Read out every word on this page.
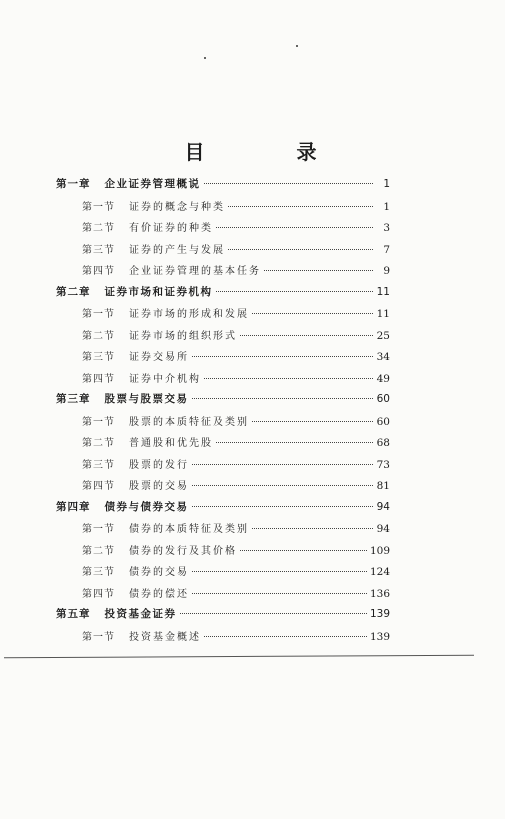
目　录
第一章 企业证券管理概说	1
第一节 证券的概念与种类	1
第二节 有价证券的种类	3
第三节 证券的产生与发展	7
第四节 企业证券管理的基本任务	9
第二章 证券市场和证券机构	11
第一节 证券市场的形成和发展	11
第二节 证券市场的组织形式	25
第三节 证券交易所	34
第四节 证券中介机构	49
第三章 股票与股票交易	60
第一节 股票的本质特征及类别	60
第二节 普通股和优先股	68
第三节 股票的发行	73
第四节 股票的交易	81
第四章 债券与债券交易	94
第一节 债券的本质特征及类别	94
第二节 债券的发行及其价格	109
第三节 债券的交易	124
第四节 债券的偿还	136
第五章 投资基金证券	139
第一节 投资基金概述	139
